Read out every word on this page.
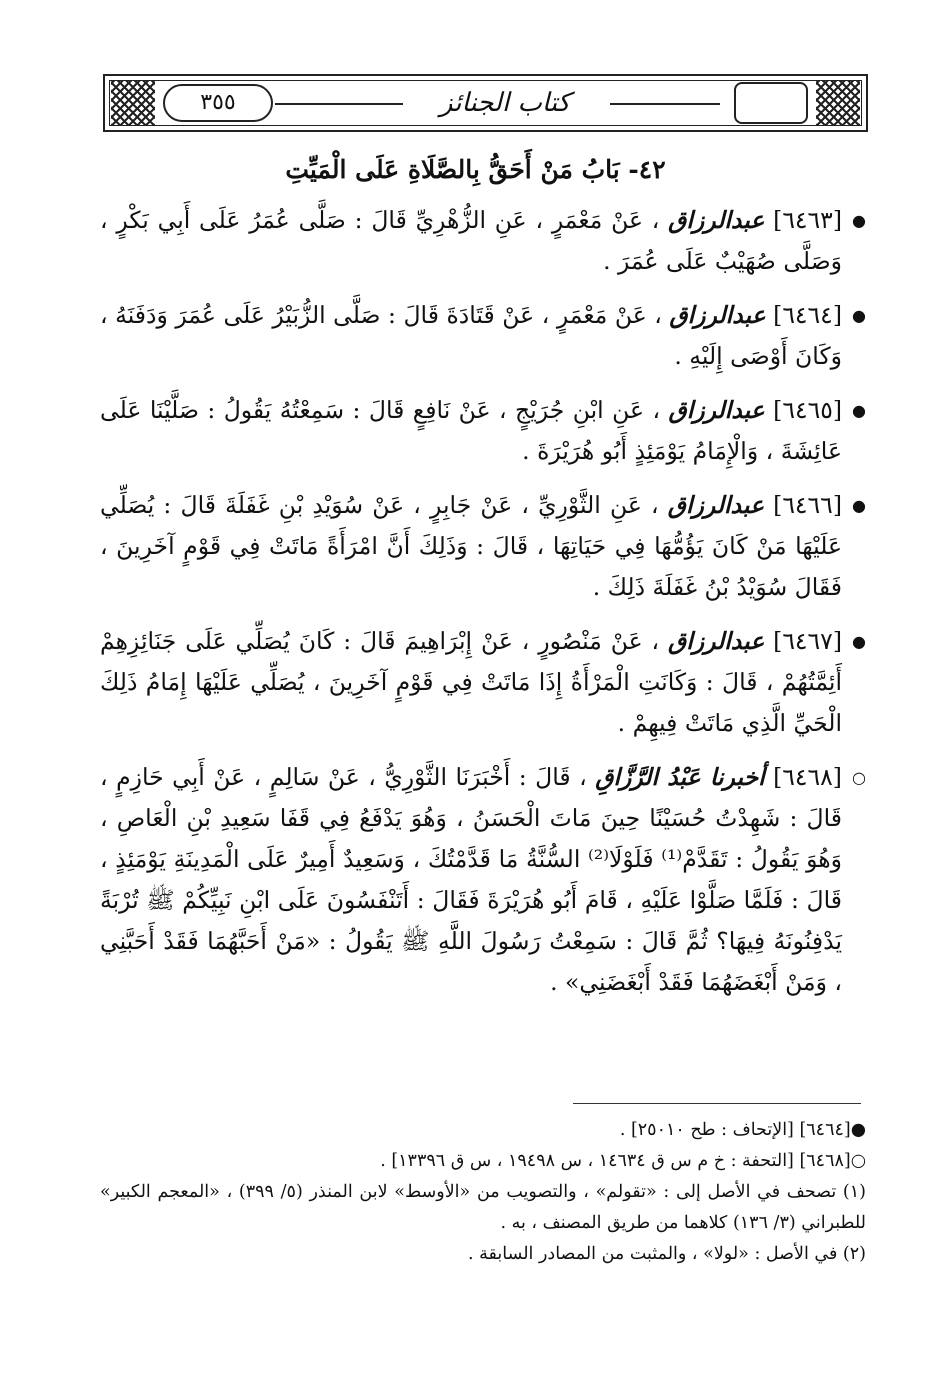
٣٥٥	كتاب الجنائز
٤٢- بَابُ مَنْ أَحَقُّ بِالصَّلَاةِ عَلَى الْمَيِّتِ

● [٦٤٦٣] عبدالرزاق ، عَنْ مَعْمَرٍ ، عَنِ الزُّهْرِيِّ قَالَ : صَلَّى عُمَرُ عَلَى أَبِي بَكْرٍ ، وَصَلَّى صُهَيْبٌ عَلَى عُمَرَ .

● [٦٤٦٤] عبدالرزاق ، عَنْ مَعْمَرٍ ، عَنْ قَتَادَةَ قَالَ : صَلَّى الزُّبَيْرُ عَلَى عُمَرَ وَدَفَنَهُ ، وَكَانَ أَوْصَى إِلَيْهِ .

● [٦٤٦٥] عبدالرزاق ، عَنِ ابْنِ جُرَيْجٍ ، عَنْ نَافِعٍ قَالَ : سَمِعْتُهُ يَقُولُ : صَلَّيْنَا عَلَى عَائِشَةَ ، وَالْإِمَامُ يَوْمَئِذٍ أَبُو هُرَيْرَةَ .

● [٦٤٦٦] عبدالرزاق ، عَنِ الثَّوْرِيِّ ، عَنْ جَابِرٍ ، عَنْ سُوَيْدِ بْنِ غَفَلَةَ قَالَ : يُصَلِّي عَلَيْهَا مَنْ كَانَ يَؤُمُّهَا فِي حَيَاتِهَا ، قَالَ : وَذَلِكَ أَنَّ امْرَأَةً مَاتَتْ فِي قَوْمٍ آخَرِينَ ، فَقَالَ سُوَيْدُ بْنُ غَفَلَةَ ذَلِكَ .

● [٦٤٦٧] عبدالرزاق ، عَنْ مَنْصُورٍ ، عَنْ إِبْرَاهِيمَ قَالَ : كَانَ يُصَلِّي عَلَى جَنَائِزِهِمْ أَئِمَّتُهُمْ ، قَالَ : وَكَانَتِ الْمَرْأَةُ إِذَا مَاتَتْ فِي قَوْمٍ آخَرِينَ ، يُصَلِّي عَلَيْهَا إِمَامُ ذَلِكَ الْحَيِّ الَّذِي مَاتَتْ فِيهِمْ .

○ [٦٤٦٨] أخبرنا عَبْدُ الرَّزَّاقِ ، قَالَ : أَخْبَرَنَا الثَّوْرِيُّ ، عَنْ سَالِمٍ ، عَنْ أَبِي حَازِمٍ ، قَالَ : شَهِدْتُ حُسَيْنًا حِينَ مَاتَ الْحَسَنُ ، وَهُوَ يَدْفَعُ فِي قَفَا سَعِيدِ بْنِ الْعَاصِ ، وَهُوَ يَقُولُ : تَقَدَّمْ⁽¹⁾ فَلَوْلَا⁽²⁾ السُّنَّةُ مَا قَدَّمْتُكَ ، وَسَعِيدٌ أَمِيرٌ عَلَى الْمَدِينَةِ يَوْمَئِذٍ ، قَالَ : فَلَمَّا صَلَّوْا عَلَيْهِ ، قَامَ أَبُو هُرَيْرَةَ فَقَالَ : أَتَنْفَسُونَ عَلَى ابْنِ نَبِيِّكُمْ ﷺ تُرْبَةً يَدْفِنُونَهُ فِيهَا؟ ثُمَّ قَالَ : سَمِعْتُ رَسُولَ اللَّهِ ﷺ يَقُولُ : «مَنْ أَحَبَّهُمَا فَقَدْ أَحَبَّنِي ، وَمَنْ أَبْغَضَهُمَا فَقَدْ أَبْغَضَنِي» .

●[٦٤٦٤] [الإتحاف : طح ٢٥٠١٠] .

○[٦٤٦٨] [التحفة : خ م س ق ١٤٦٣٤ ، س ١٩٤٩٨ ، س ق ١٣٣٩٦] .

(١) تصحف في الأصل إلى : «تقولم» ، والتصويب من «الأوسط» لابن المنذر (٥/ ٣٩٩) ، «المعجم الكبير» للطبراني (٣/ ١٣٦) كلاهما من طريق المصنف ، به .

(٢) في الأصل : «لولا» ، والمثبت من المصادر السابقة .
